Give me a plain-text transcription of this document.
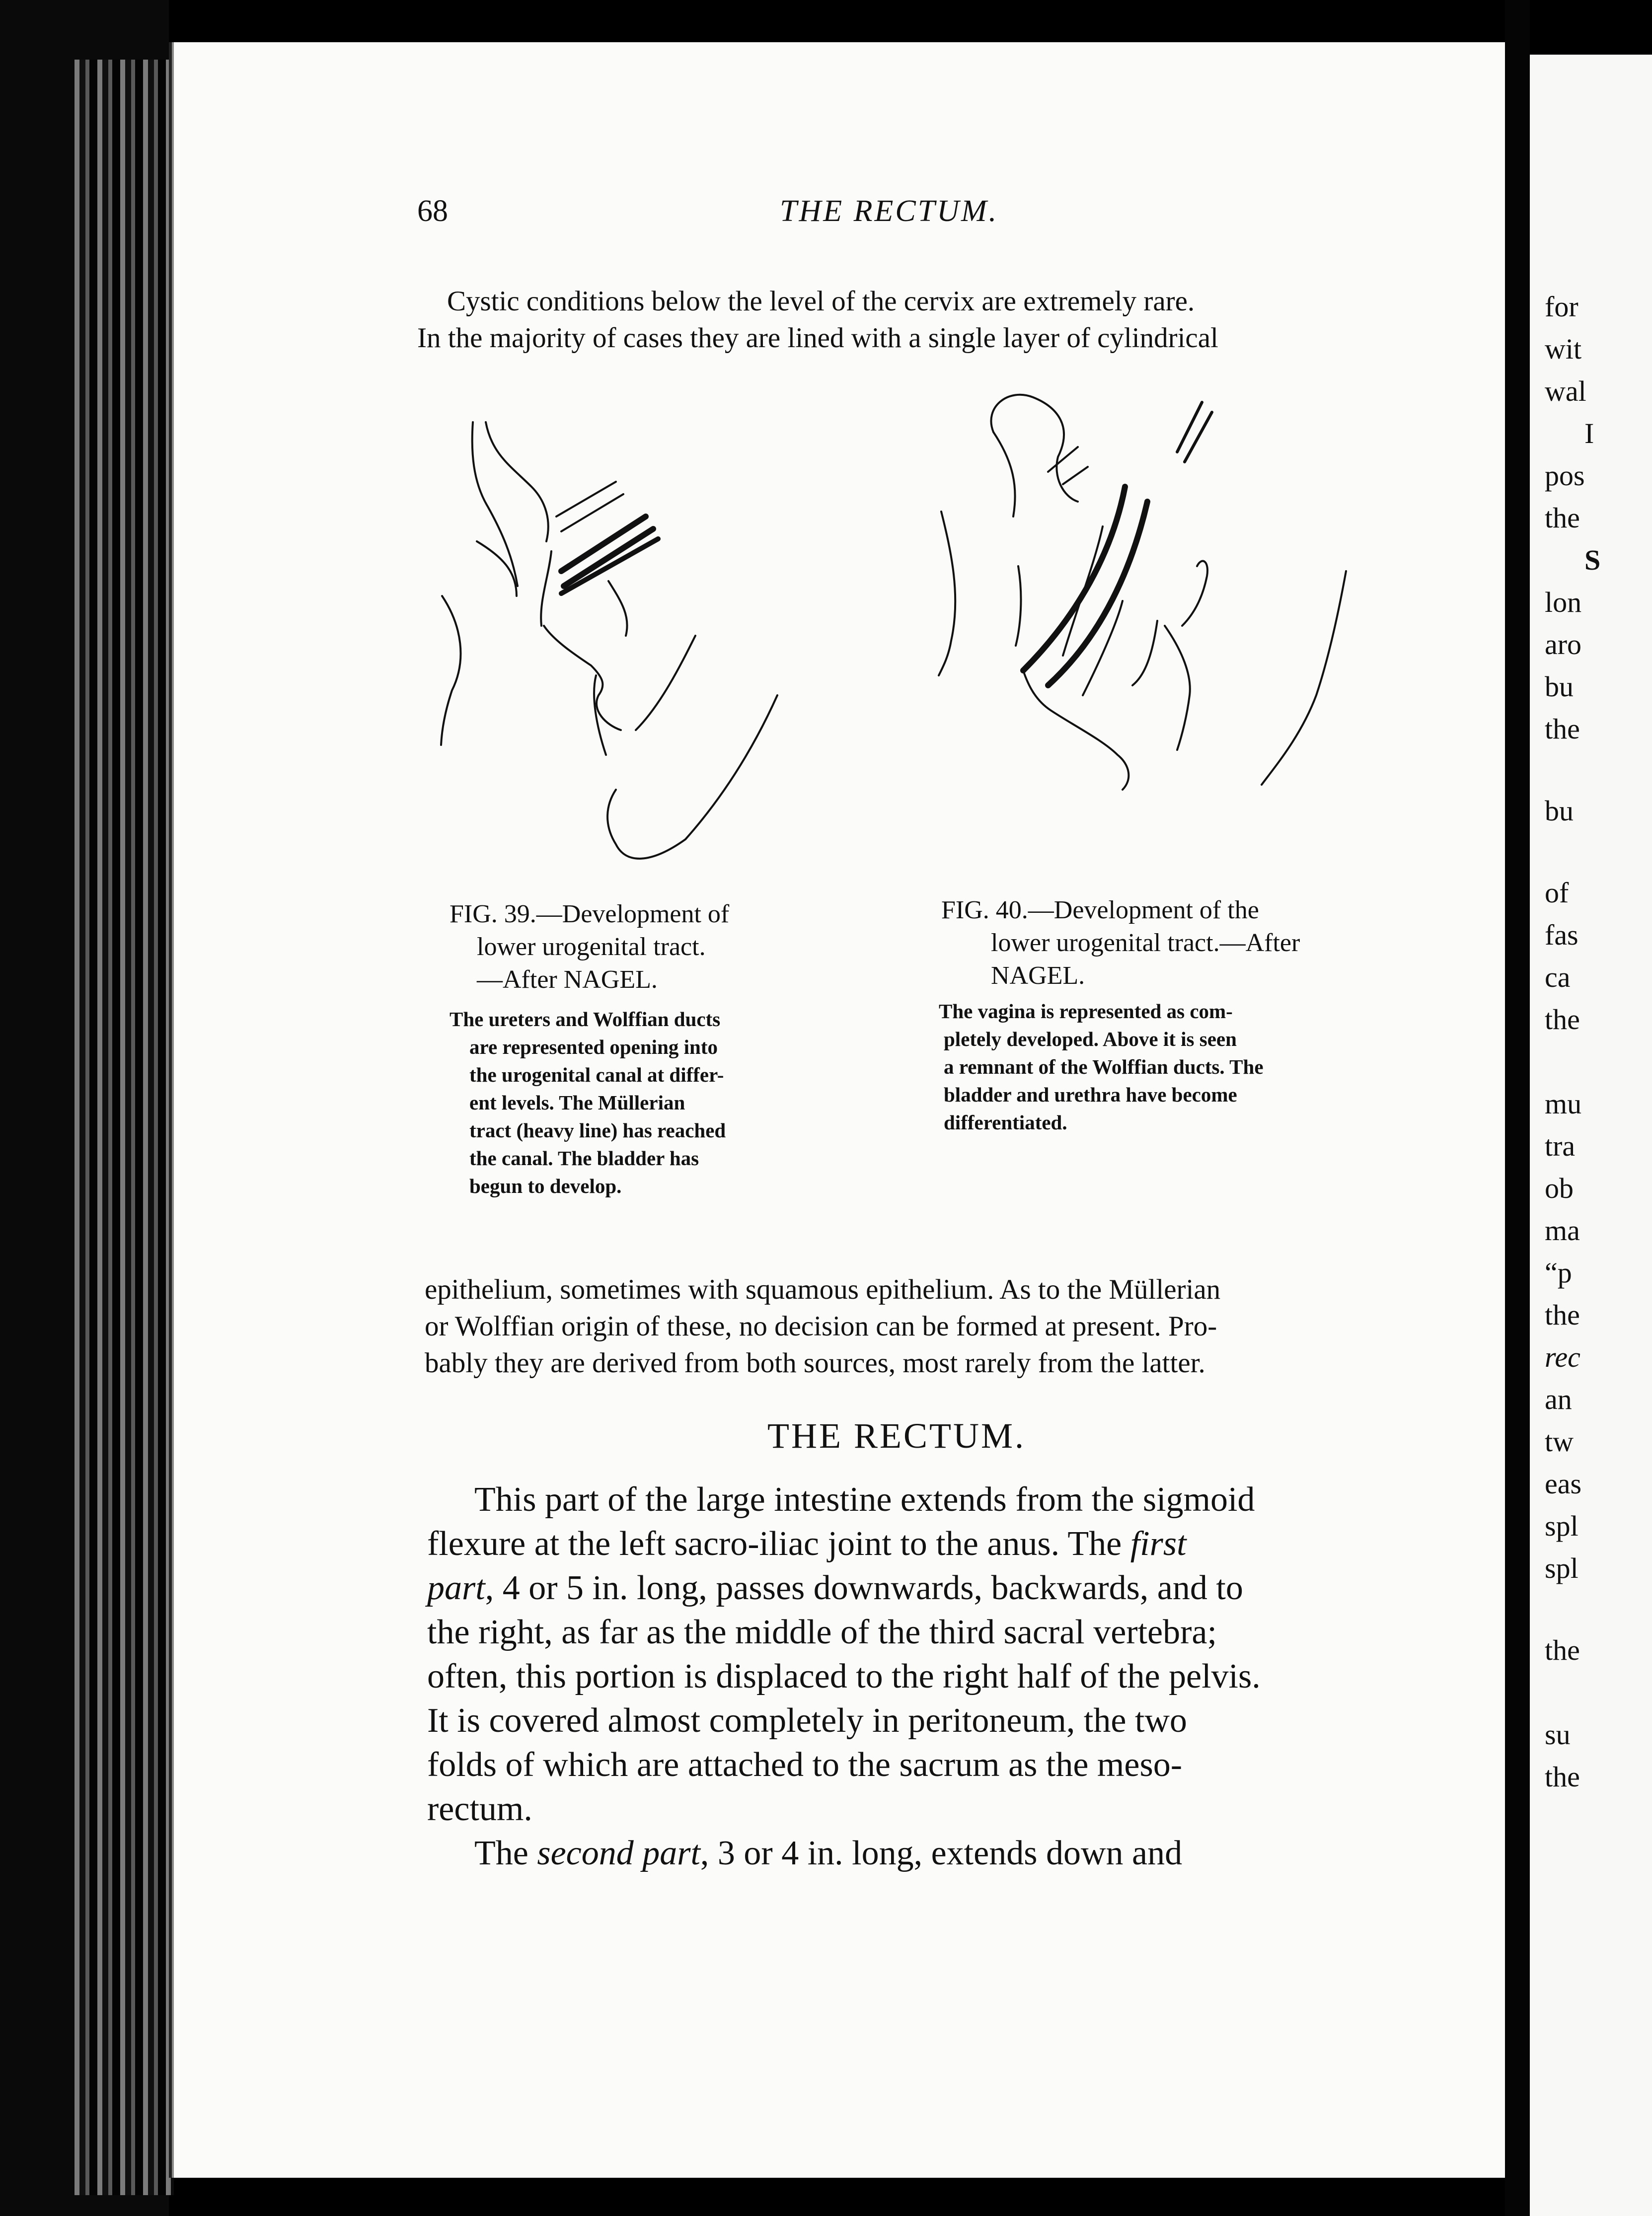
68	THE RECTUM.
Cystic conditions below the level of the cervix are extremely rare.
In the majority of cases they are lined with a single layer of cylindrical
FIG. 39.—Development of
lower urogenital tract.
—After NAGEL.
The ureters and Wolffian ducts
are represented opening into
the urogenital canal at differ-
ent levels. The Müllerian
tract (heavy line) has reached
the canal. The bladder has
begun to develop.
FIG. 40.—Development of the
lower urogenital tract.—After
NAGEL.
The vagina is represented as com-
pletely developed. Above it is seen
a remnant of the Wolffian ducts. The
bladder and urethra have become
differentiated.
epithelium, sometimes with squamous epithelium. As to the Müllerian
or Wolffian origin of these, no decision can be formed at present. Pro-
bably they are derived from both sources, most rarely from the latter.
THE RECTUM.
This part of the large intestine extends from the sigmoid
flexure at the left sacro-iliac joint to the anus. The first
part, 4 or 5 in. long, passes downwards, backwards, and to
the right, as far as the middle of the third sacral vertebra;
often, this portion is displaced to the right half of the pelvis.
It is covered almost completely in peritoneum, the two
folds of which are attached to the sacrum as the meso-
rectum.
The second part, 3 or 4 in. long, extends down and
for
wit
wal
I
pos
the
S
lon
aro
bu
the
bu
of
fas
ca
the
mu
tra
ob
ma
“p
the
rec
an
tw
eas
spl
spl
the
su
the
